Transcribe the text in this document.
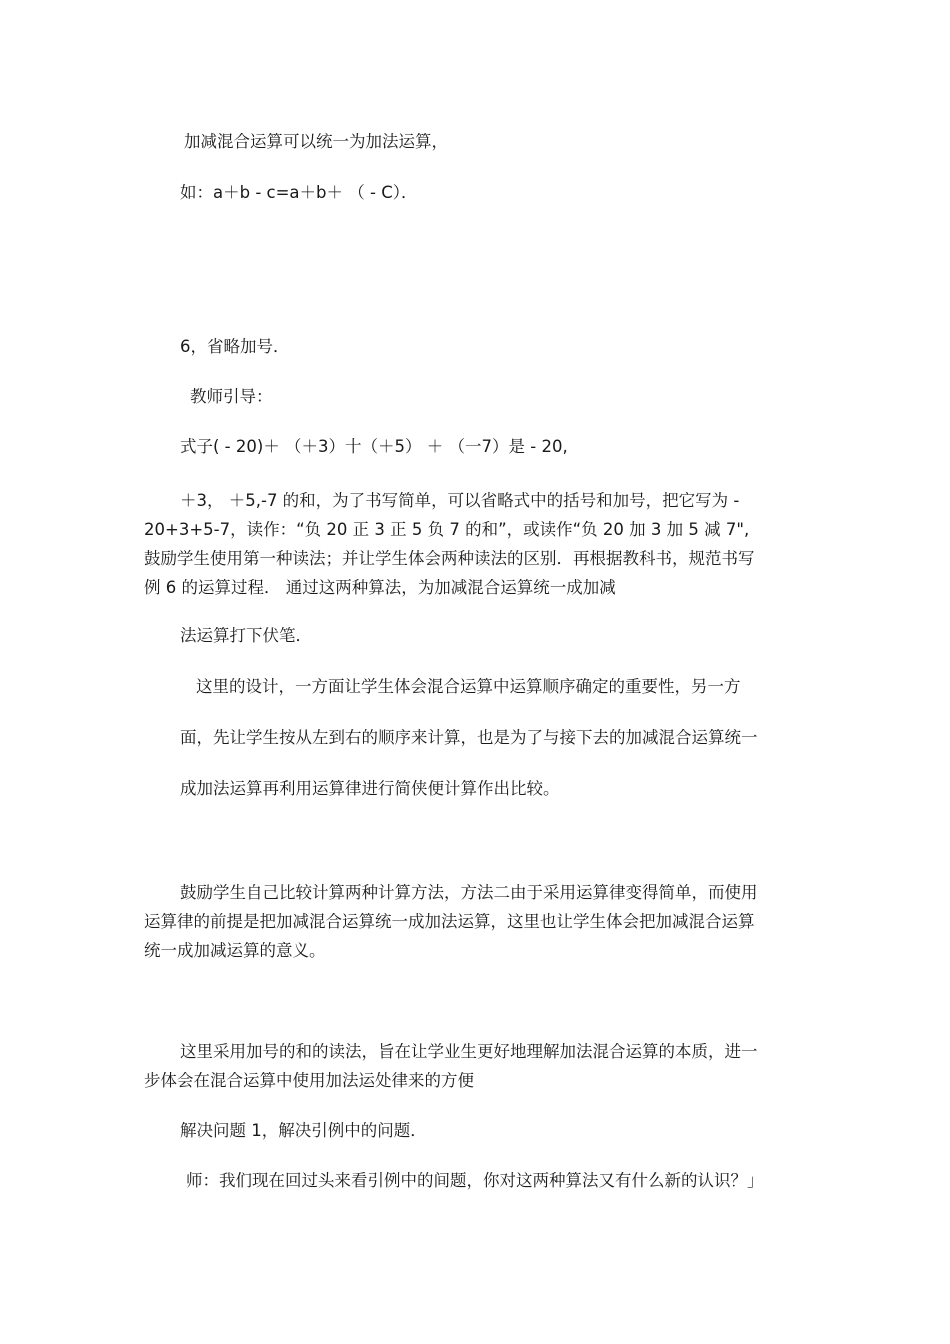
加减混合运算可以统一为加法运算，
如：a＋b - c=a＋b＋ （ - C）．
6，省略加号．
教师引导：
式子( - 20)＋ （＋3）十（＋5） ＋ （一7）是 - 20,

＋3， ＋5,-7 的和，为了书写简单，可以省略式中的括号和加号，把它写为 -

20+3+5-7，读作：“负 20 正 3 正 5 负 7 的和”，或读作“负 20 加 3 加 5 减 7",

鼓励学生使用第一种读法；并让学生体会两种读法的区别．再根据教科书，规范书写

例 6 的运算过程． 通过这两种算法，为加减混合运算统一成加减

法运算打下伏笔．
这里的设计，一方面让学生体会混合运算中运算顺序确定的重要性，另一方
面，先让学生按从左到右的顺序来计算，也是为了与接下去的加减混合运算统一
成加法运算再利用运算律进行简侠便计算作出比较。

鼓励学生自己比较计算两种计算方法，方法二由于采用运算律变得简单，而使用

运算律的前提是把加减混合运算统一成加法运算，这里也让学生体会把加减混合运算

统一成加减运算的意义。

这里采用加号的和的读法，旨在让学业生更好地理解加法混合运算的本质，进一

步体会在混合运算中使用加法运处律来的方便

解决问题 1，解决引例中的问题．
师：我们现在回过头来看引例中的间题，你对这两种算法又有什么新的认识？」
